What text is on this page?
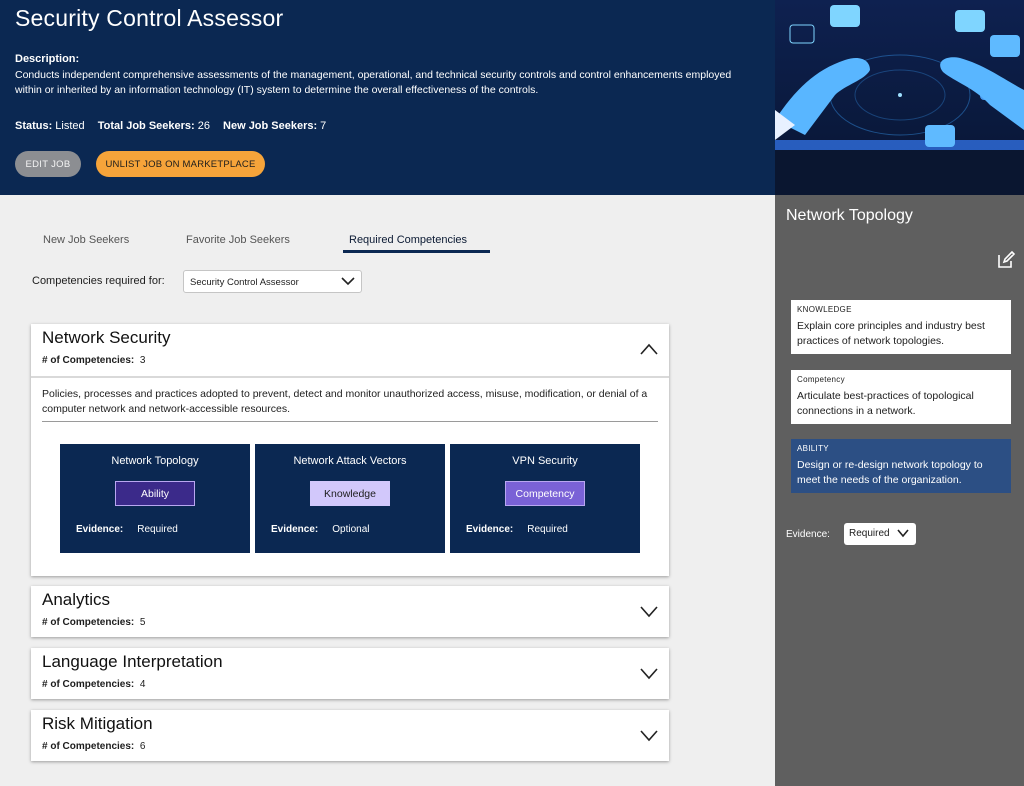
Security Control Assessor
Description:
Conducts independent comprehensive assessments of the management, operational, and technical security controls and control enhancements employed within or inherited by an information technology (IT) system to determine the overall effectiveness of the controls.
Status: Listed Total Job Seekers: 26 New Job Seekers: 7
EDIT JOB	UNLIST JOB ON MARKETPLACE
New Job Seekers	Favorite Job Seekers	Required Competencies
Competencies required for:	Security Control Assessor
Network Security
# of Competencies: 3
Policies, processes and practices adopted to prevent, detect and monitor unauthorized access, misuse, modification, or denial of a computer network and network-accessible resources.
Network Topology
Ability
Evidence: Required
Network Attack Vectors
Knowledge
Evidence: Optional
VPN Security
Competency
Evidence: Required
Analytics
# of Competencies: 5
Language Interpretation
# of Competencies: 4
Risk Mitigation
# of Competencies: 6
Network Topology
KNOWLEDGE
Explain core principles and industry best practices of network topologies.
Competency
Articulate best-practices of topological connections in a network.
ABILITY
Design or re-design network topology to meet the needs of the organization.
Evidence:	Required
